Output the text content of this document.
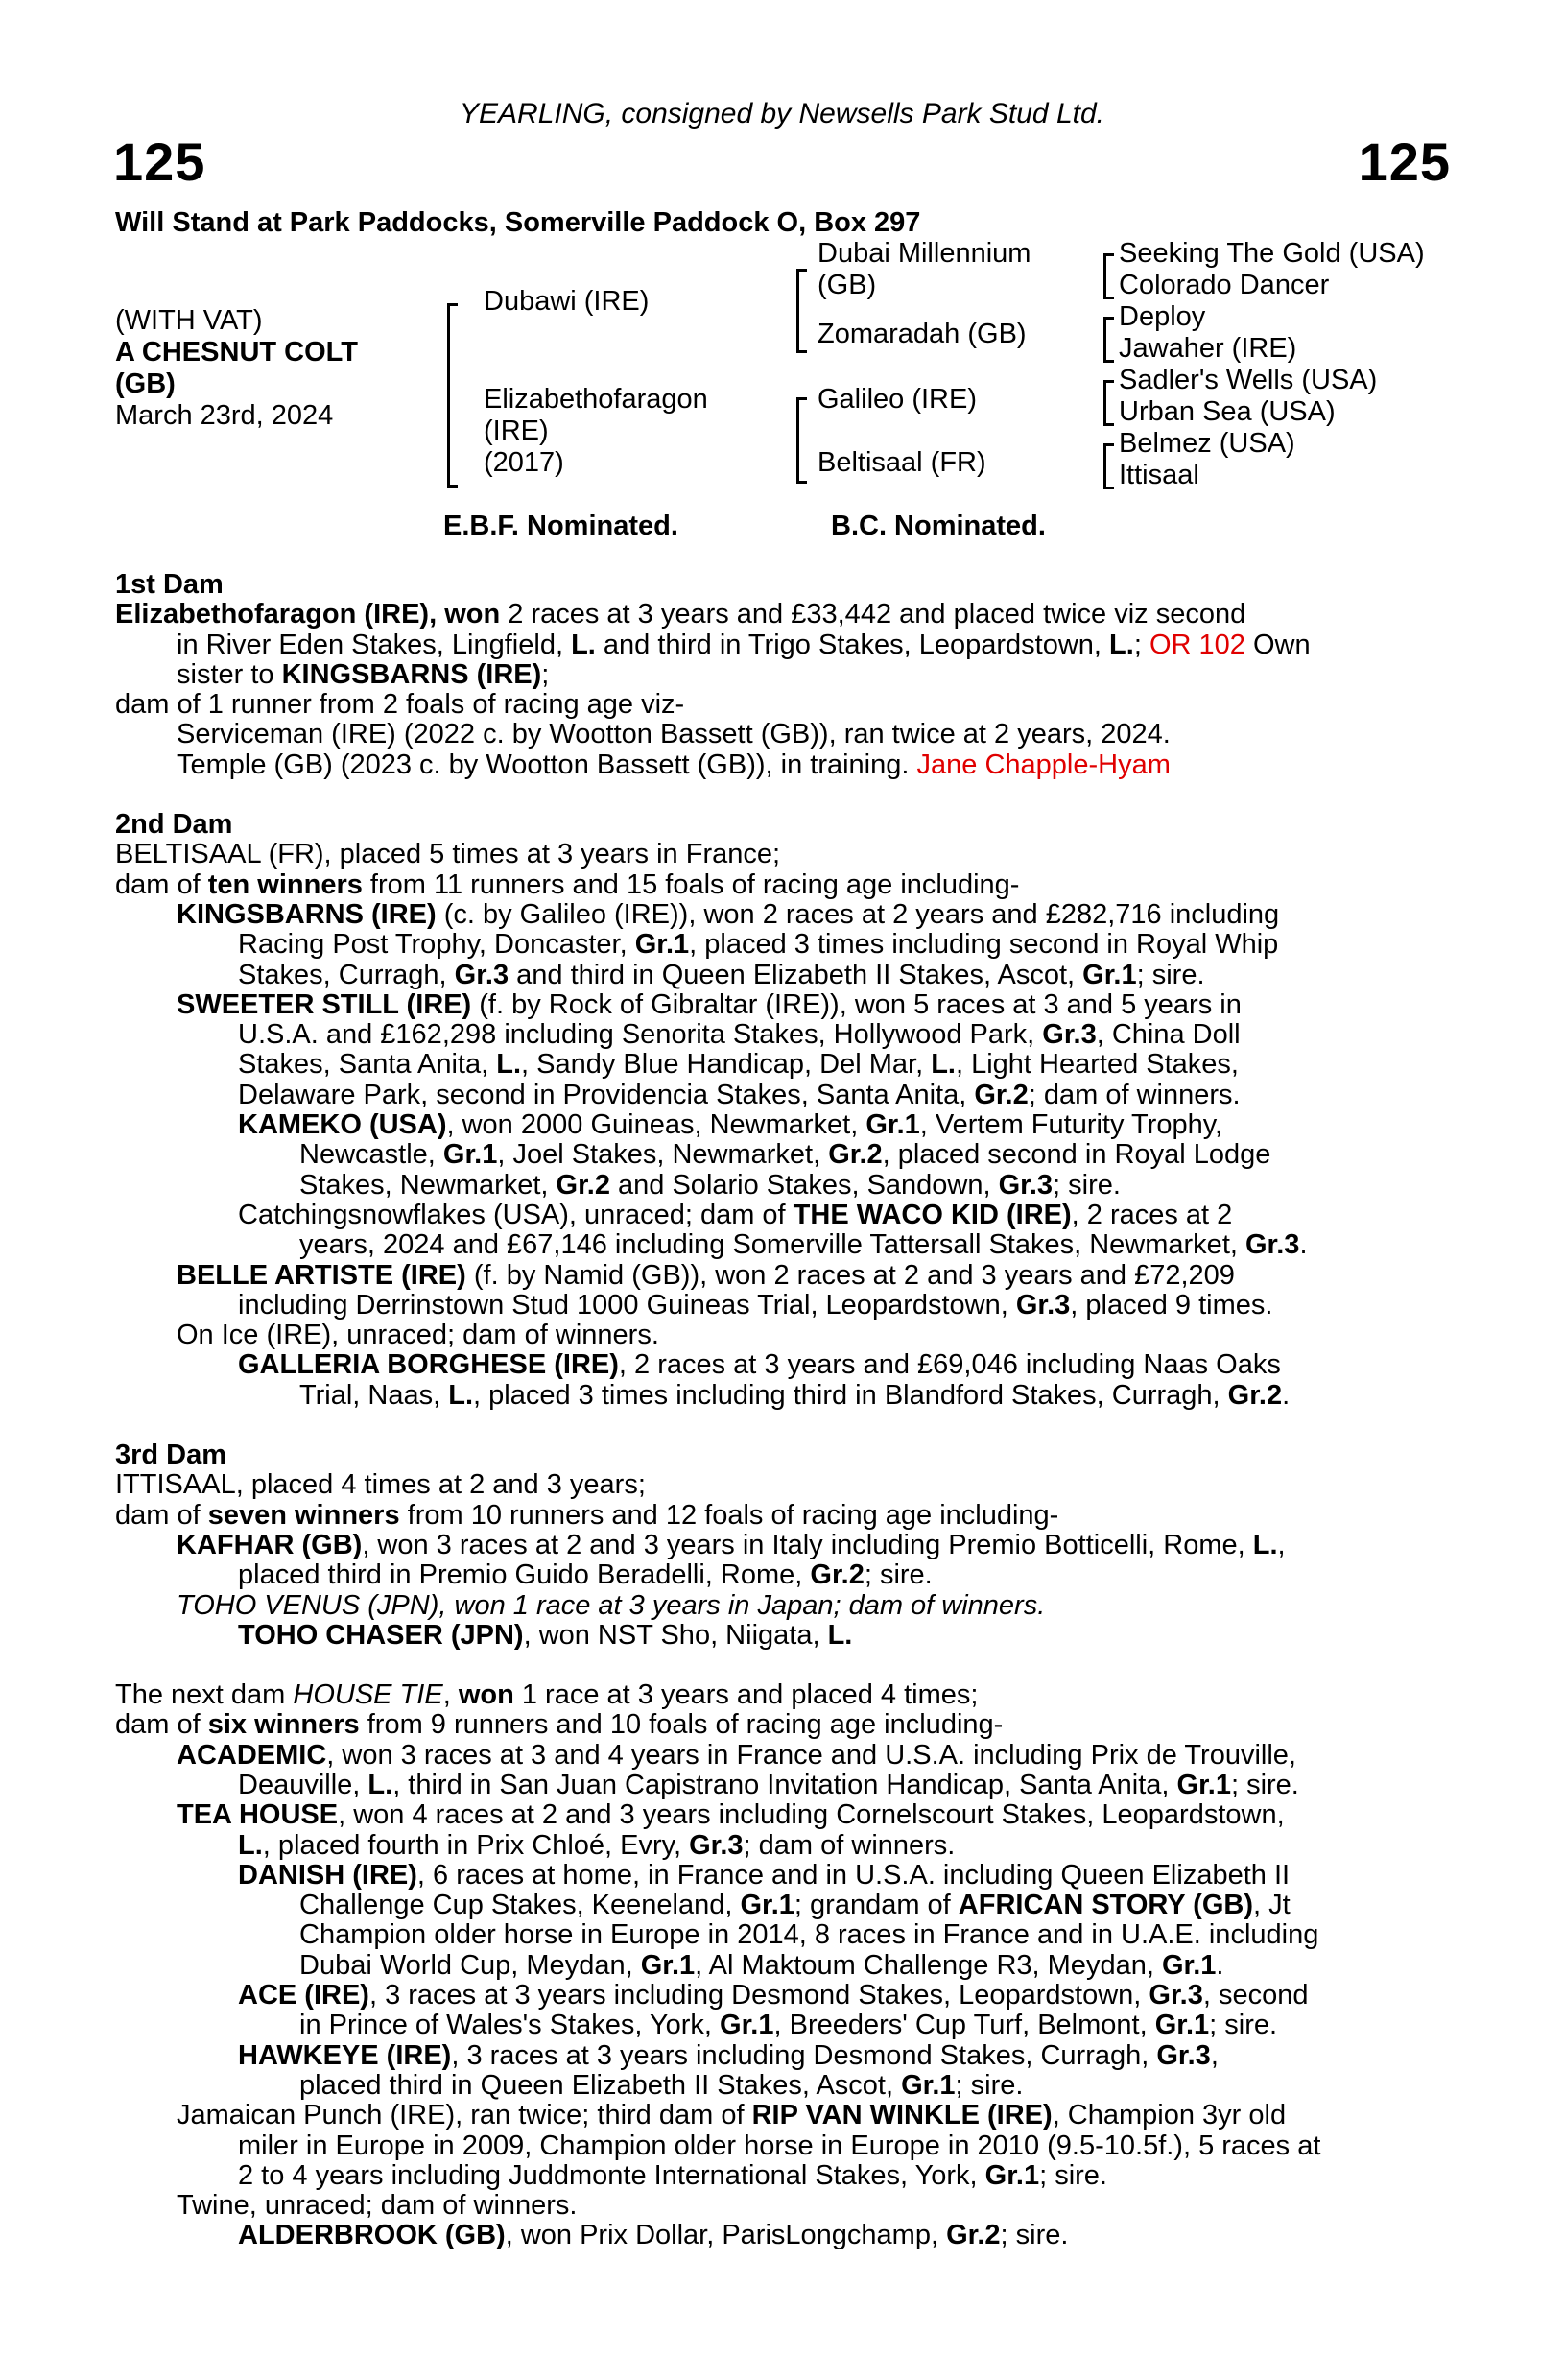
YEARLING, consigned by Newsells Park Stud Ltd.
125	125
Will Stand at Park Paddocks, Somerville Paddock O, Box 297
(WITH VAT)
A CHESNUT COLT
(GB)
March 23rd, 2024
Dubawi (IRE)
Elizabethofaragon
(IRE)
(2017)
Dubai Millennium
(GB)
Zomaradah (GB)
Galileo (IRE)
Beltisaal (FR)
Seeking The Gold (USA)
Colorado Dancer
Deploy
Jawaher (IRE)
Sadler's Wells (USA)
Urban Sea (USA)
Belmez (USA)
Ittisaal
E.B.F. Nominated.	B.C. Nominated.
1st Dam
Elizabethofaragon (IRE), won 2 races at 3 years and £33,442 and placed twice viz second
in River Eden Stakes, Lingfield, L. and third in Trigo Stakes, Leopardstown, L.; OR 102 Own
sister to KINGSBARNS (IRE);
dam of 1 runner from 2 foals of racing age viz-
Serviceman (IRE) (2022 c. by Wootton Bassett (GB)), ran twice at 2 years, 2024.
Temple (GB) (2023 c. by Wootton Bassett (GB)), in training. Jane Chapple-Hyam
2nd Dam
BELTISAAL (FR), placed 5 times at 3 years in France;
dam of ten winners from 11 runners and 15 foals of racing age including-
KINGSBARNS (IRE) (c. by Galileo (IRE)), won 2 races at 2 years and £282,716 including
Racing Post Trophy, Doncaster, Gr.1, placed 3 times including second in Royal Whip
Stakes, Curragh, Gr.3 and third in Queen Elizabeth II Stakes, Ascot, Gr.1; sire.
SWEETER STILL (IRE) (f. by Rock of Gibraltar (IRE)), won 5 races at 3 and 5 years in
U.S.A. and £162,298 including Senorita Stakes, Hollywood Park, Gr.3, China Doll
Stakes, Santa Anita, L., Sandy Blue Handicap, Del Mar, L., Light Hearted Stakes,
Delaware Park, second in Providencia Stakes, Santa Anita, Gr.2; dam of winners.
KAMEKO (USA), won 2000 Guineas, Newmarket, Gr.1, Vertem Futurity Trophy,
Newcastle, Gr.1, Joel Stakes, Newmarket, Gr.2, placed second in Royal Lodge
Stakes, Newmarket, Gr.2 and Solario Stakes, Sandown, Gr.3; sire.
Catchingsnowflakes (USA), unraced; dam of THE WACO KID (IRE), 2 races at 2
years, 2024 and £67,146 including Somerville Tattersall Stakes, Newmarket, Gr.3.
BELLE ARTISTE (IRE) (f. by Namid (GB)), won 2 races at 2 and 3 years and £72,209
including Derrinstown Stud 1000 Guineas Trial, Leopardstown, Gr.3, placed 9 times.
On Ice (IRE), unraced; dam of winners.
GALLERIA BORGHESE (IRE), 2 races at 3 years and £69,046 including Naas Oaks
Trial, Naas, L., placed 3 times including third in Blandford Stakes, Curragh, Gr.2.
3rd Dam
ITTISAAL, placed 4 times at 2 and 3 years;
dam of seven winners from 10 runners and 12 foals of racing age including-
KAFHAR (GB), won 3 races at 2 and 3 years in Italy including Premio Botticelli, Rome, L.,
placed third in Premio Guido Beradelli, Rome, Gr.2; sire.
TOHO VENUS (JPN), won 1 race at 3 years in Japan; dam of winners.
TOHO CHASER (JPN), won NST Sho, Niigata, L.
The next dam HOUSE TIE, won 1 race at 3 years and placed 4 times;
dam of six winners from 9 runners and 10 foals of racing age including-
ACADEMIC, won 3 races at 3 and 4 years in France and U.S.A. including Prix de Trouville,
Deauville, L., third in San Juan Capistrano Invitation Handicap, Santa Anita, Gr.1; sire.
TEA HOUSE, won 4 races at 2 and 3 years including Cornelscourt Stakes, Leopardstown,
L., placed fourth in Prix Chloé, Evry, Gr.3; dam of winners.
DANISH (IRE), 6 races at home, in France and in U.S.A. including Queen Elizabeth II
Challenge Cup Stakes, Keeneland, Gr.1; grandam of AFRICAN STORY (GB), Jt
Champion older horse in Europe in 2014, 8 races in France and in U.A.E. including
Dubai World Cup, Meydan, Gr.1, Al Maktoum Challenge R3, Meydan, Gr.1.
ACE (IRE), 3 races at 3 years including Desmond Stakes, Leopardstown, Gr.3, second
in Prince of Wales's Stakes, York, Gr.1, Breeders' Cup Turf, Belmont, Gr.1; sire.
HAWKEYE (IRE), 3 races at 3 years including Desmond Stakes, Curragh, Gr.3,
placed third in Queen Elizabeth II Stakes, Ascot, Gr.1; sire.
Jamaican Punch (IRE), ran twice; third dam of RIP VAN WINKLE (IRE), Champion 3yr old
miler in Europe in 2009, Champion older horse in Europe in 2010 (9.5-10.5f.), 5 races at
2 to 4 years including Juddmonte International Stakes, York, Gr.1; sire.
Twine, unraced; dam of winners.
ALDERBROOK (GB), won Prix Dollar, ParisLongchamp, Gr.2; sire.
